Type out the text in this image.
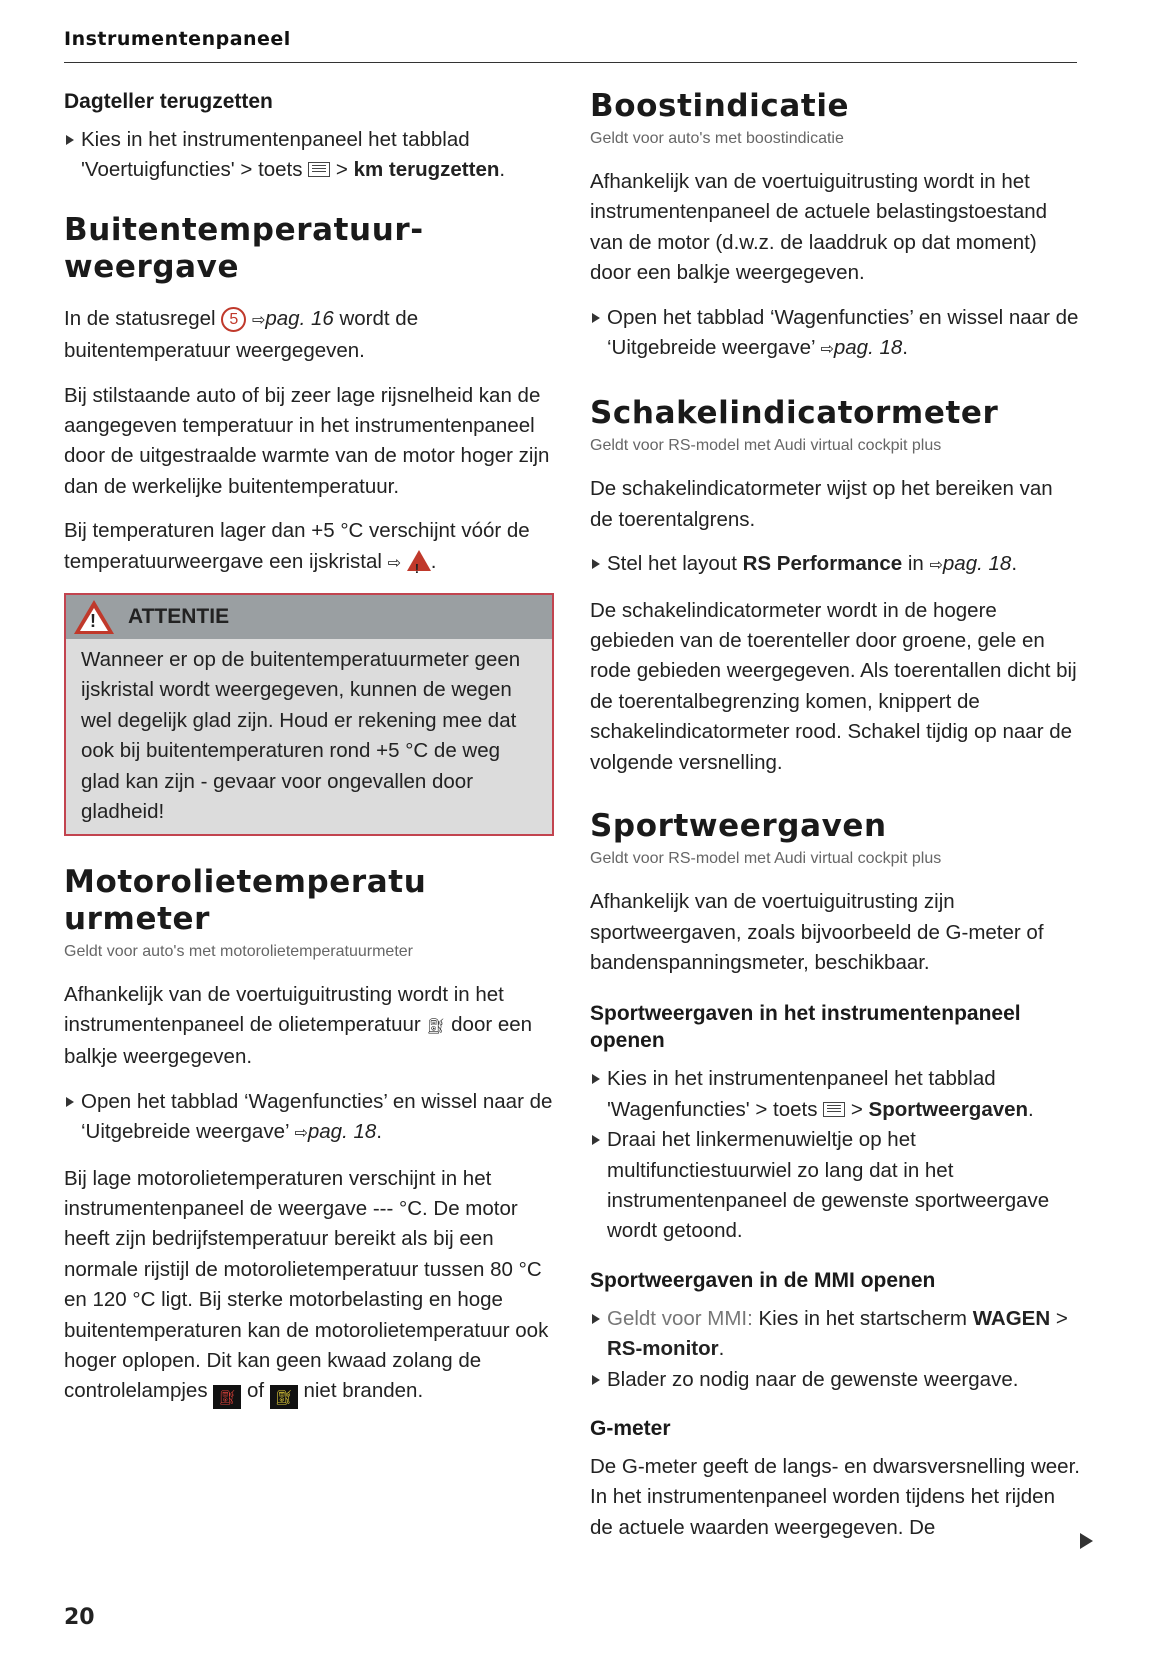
Instrumentenpaneel
Dagteller terugzetten

Kies in het instrumentenpaneel het tabblad 'Voertuigfuncties' > toets  > km terugzetten.

Buitentemperatuur-weergave

In de statusregel 5 ⇨pag. 16 wordt de buitentemperatuur weergegeven.

Bij stilstaande auto of bij zeer lage rijsnelheid kan de aangegeven temperatuur in het instrumentenpaneel door de uitgestraalde warmte van de motor hoger zijn dan de werkelijke buitentemperatuur.

Bij temperaturen lager dan +5 °C verschijnt vóór de temperatuurweergave een ijskristal ⇨ ! .

!
ATTENTIE

Wanneer er op de buitentemperatuurmeter geen ijskristal wordt weergegeven, kunnen de wegen wel degelijk glad zijn. Houd er rekening mee dat ook bij buitentemperaturen rond +5 °C de weg glad kan zijn - gevaar voor ongevallen door gladheid!

Motorolietemperatuurmeter
Geldt voor auto's met motorolietemperatuurmeter

Afhankelijk van de voertuiguitrusting wordt in het instrumentenpaneel de olietemperatuur ⛽︎ door een balkje weergegeven.

Open het tabblad ‘Wagenfuncties’ en wissel naar de ‘Uitgebreide weergave’ ⇨pag. 18.

Bij lage motorolietemperaturen verschijnt in het instrumentenpaneel de weergave --- °C. De motor heeft zijn bedrijfstemperatuur bereikt als bij een normale rijstijl de motorolietemperatuur tussen 80 °C en 120 °C ligt. Bij sterke motorbelasting en hoge buitentemperaturen kan de motorolietemperatuur ook hoger oplopen. Dit kan geen kwaad zolang de controlelampjes ⛽︎ of ⛽︎ niet branden.

Boostindicatie
Geldt voor auto's met boostindicatie

Afhankelijk van de voertuiguitrusting wordt in het instrumentenpaneel de actuele belastingstoestand van de motor (d.w.z. de laaddruk op dat moment) door een balkje weergegeven.

Open het tabblad ‘Wagenfuncties’ en wissel naar de ‘Uitgebreide weergave’ ⇨pag. 18.

Schakelindicatormeter
Geldt voor RS-model met Audi virtual cockpit plus

De schakelindicatormeter wijst op het bereiken van de toerentalgrens.

Stel het layout RS Performance in ⇨pag. 18.

De schakelindicatormeter wordt in de hogere gebieden van de toerenteller door groene, gele en rode gebieden weergegeven. Als toerentallen dicht bij de toerentalbegrenzing komen, knippert de schakelindicatormeter rood. Schakel tijdig op naar de volgende versnelling.

Sportweergaven
Geldt voor RS-model met Audi virtual cockpit plus

Afhankelijk van de voertuiguitrusting zijn sportweergaven, zoals bijvoorbeeld de G-meter of bandenspanningsmeter, beschikbaar.

Sportweergaven in het instrumentenpaneel openen

Kies in het instrumentenpaneel het tabblad 'Wagenfuncties' > toets  > Sportweergaven.

Draai het linkermenuwieltje op het multifunctiestuurwiel zo lang dat in het instrumentenpaneel de gewenste sportweergave wordt getoond.

Sportweergaven in de MMI openen

Geldt voor MMI: Kies in het startscherm WAGEN > RS-monitor.

Blader zo nodig naar de gewenste weergave.

G-meter

De G-meter geeft de langs- en dwarsversnelling weer. In het instrumentenpaneel worden tijdens het rijden de actuele waarden weergegeven. De

20
